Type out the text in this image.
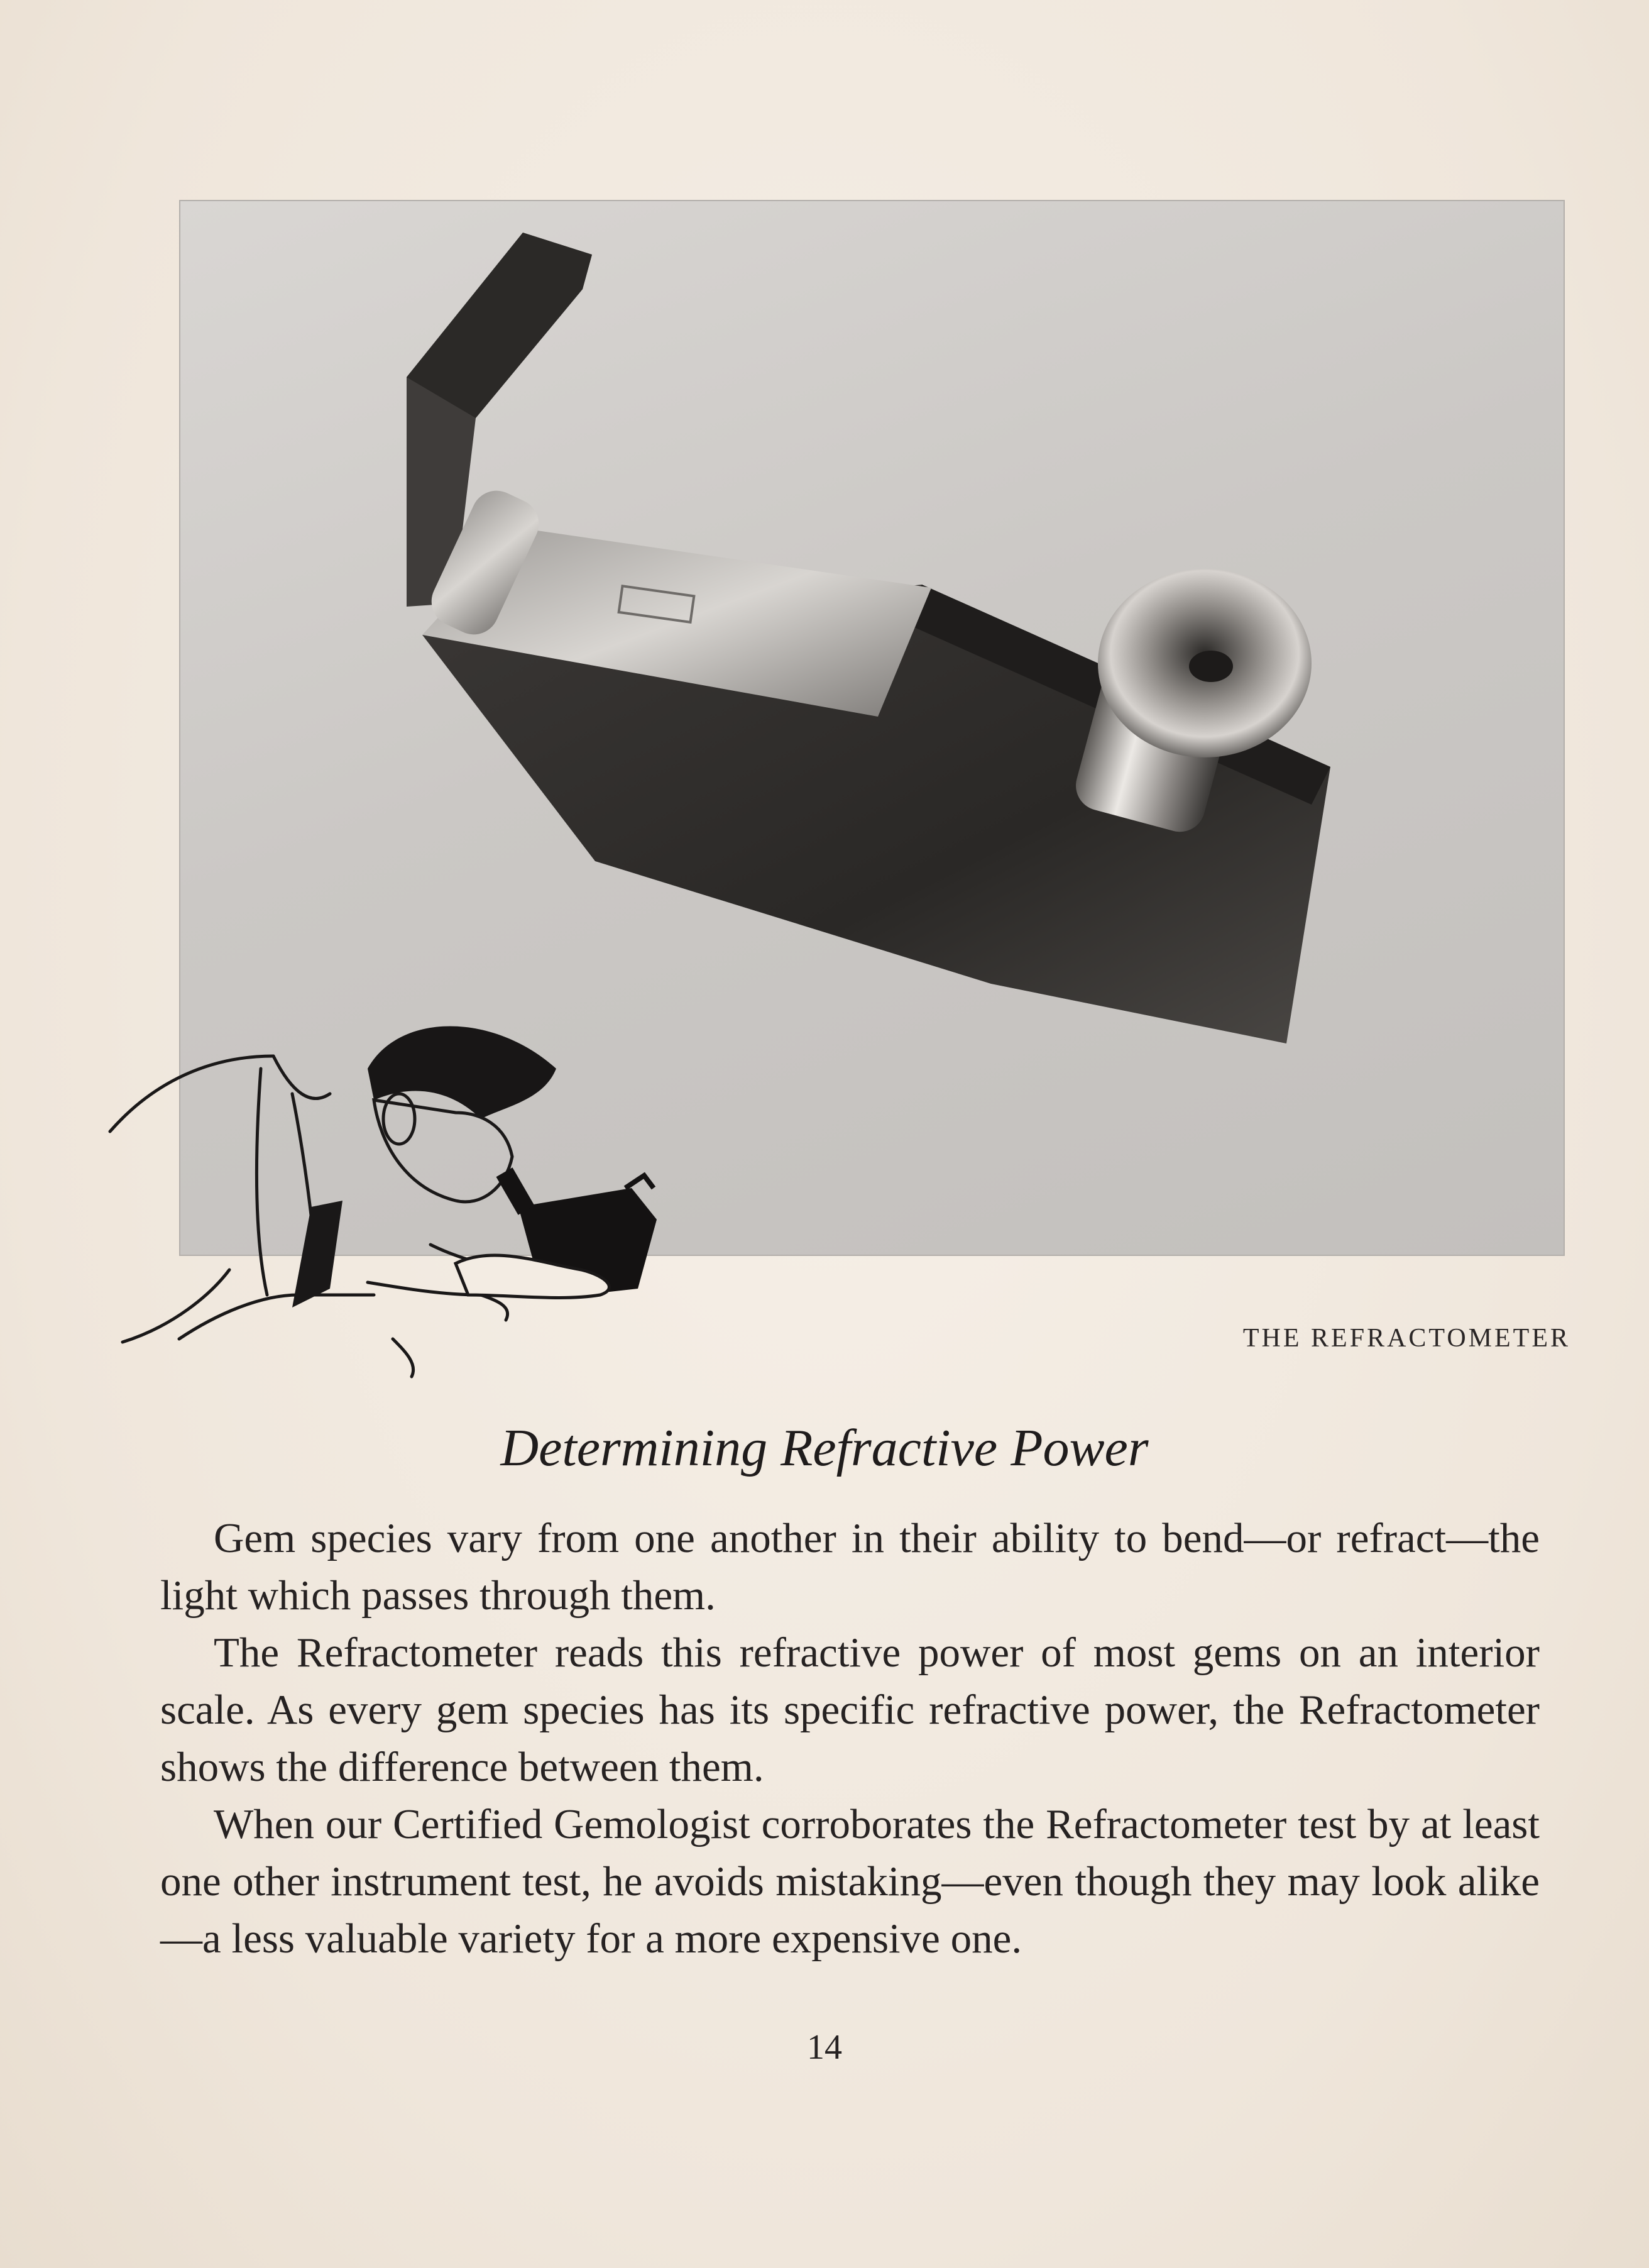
THE REFRACTOMETER
Determining Refractive Power

Gem species vary from one another in their ability to bend—or refract—the light which passes through them.

The Refractometer reads this refractive power of most gems on an interior scale. As every gem species has its specific refractive power, the Refractometer shows the difference between them.

When our Certified Gemologist corroborates the Refractometer test by at least one other instrument test, he avoids mistaking—even though they may look alike—a less valuable variety for a more expensive one.

14
